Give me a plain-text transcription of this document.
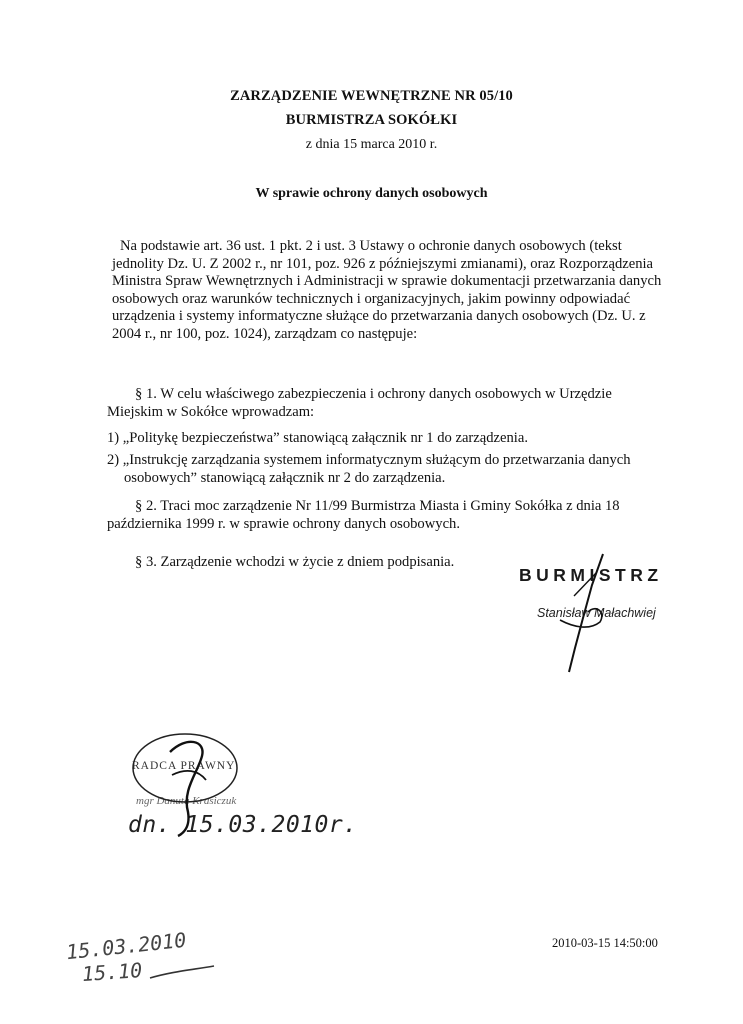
ZARZĄDZENIE WEWNĘTRZNE NR 05/10
BURMISTRZA SOKÓŁKI
z dnia 15 marca 2010 r.
W sprawie ochrony danych osobowych
Na podstawie art. 36 ust. 1 pkt. 2 i ust. 3 Ustawy o ochronie danych osobowych (tekst
jednolity Dz. U. Z 2002 r., nr 101, poz. 926 z późniejszymi zmianami), oraz Rozporządzenia
Ministra Spraw Wewnętrznych i Administracji w sprawie dokumentacji przetwarzania danych
osobowych oraz warunków technicznych i organizacyjnych, jakim powinny odpowiadać
urządzenia i systemy informatyczne służące do przetwarzania danych osobowych (Dz. U. z
2004 r., nr 100, poz. 1024), zarządzam co następuje:
§ 1. W celu właściwego zabezpieczenia i ochrony danych osobowych w Urzędzie
Miejskim w Sokółce wprowadzam:
1) „Politykę bezpieczeństwa” stanowiącą załącznik nr 1 do zarządzenia.
2) „Instrukcję zarządzania systemem informatycznym służącym do przetwarzania danych
osobowych” stanowiącą załącznik nr 2 do zarządzenia.
§ 2. Traci moc zarządzenie Nr 11/99 Burmistrza Miasta i Gminy Sokółka z dnia 18
października 1999 r. w sprawie ochrony danych osobowych.
§ 3. Zarządzenie wchodzi w życie z dniem podpisania.
BURMISTRZ
Stanisław Małachwiej
RADCA PRAWNY
mgr Danuta Krasiczuk
dn. 15.03.2010r.
15.03.2010
15.10
2010-03-15 14:50:00
